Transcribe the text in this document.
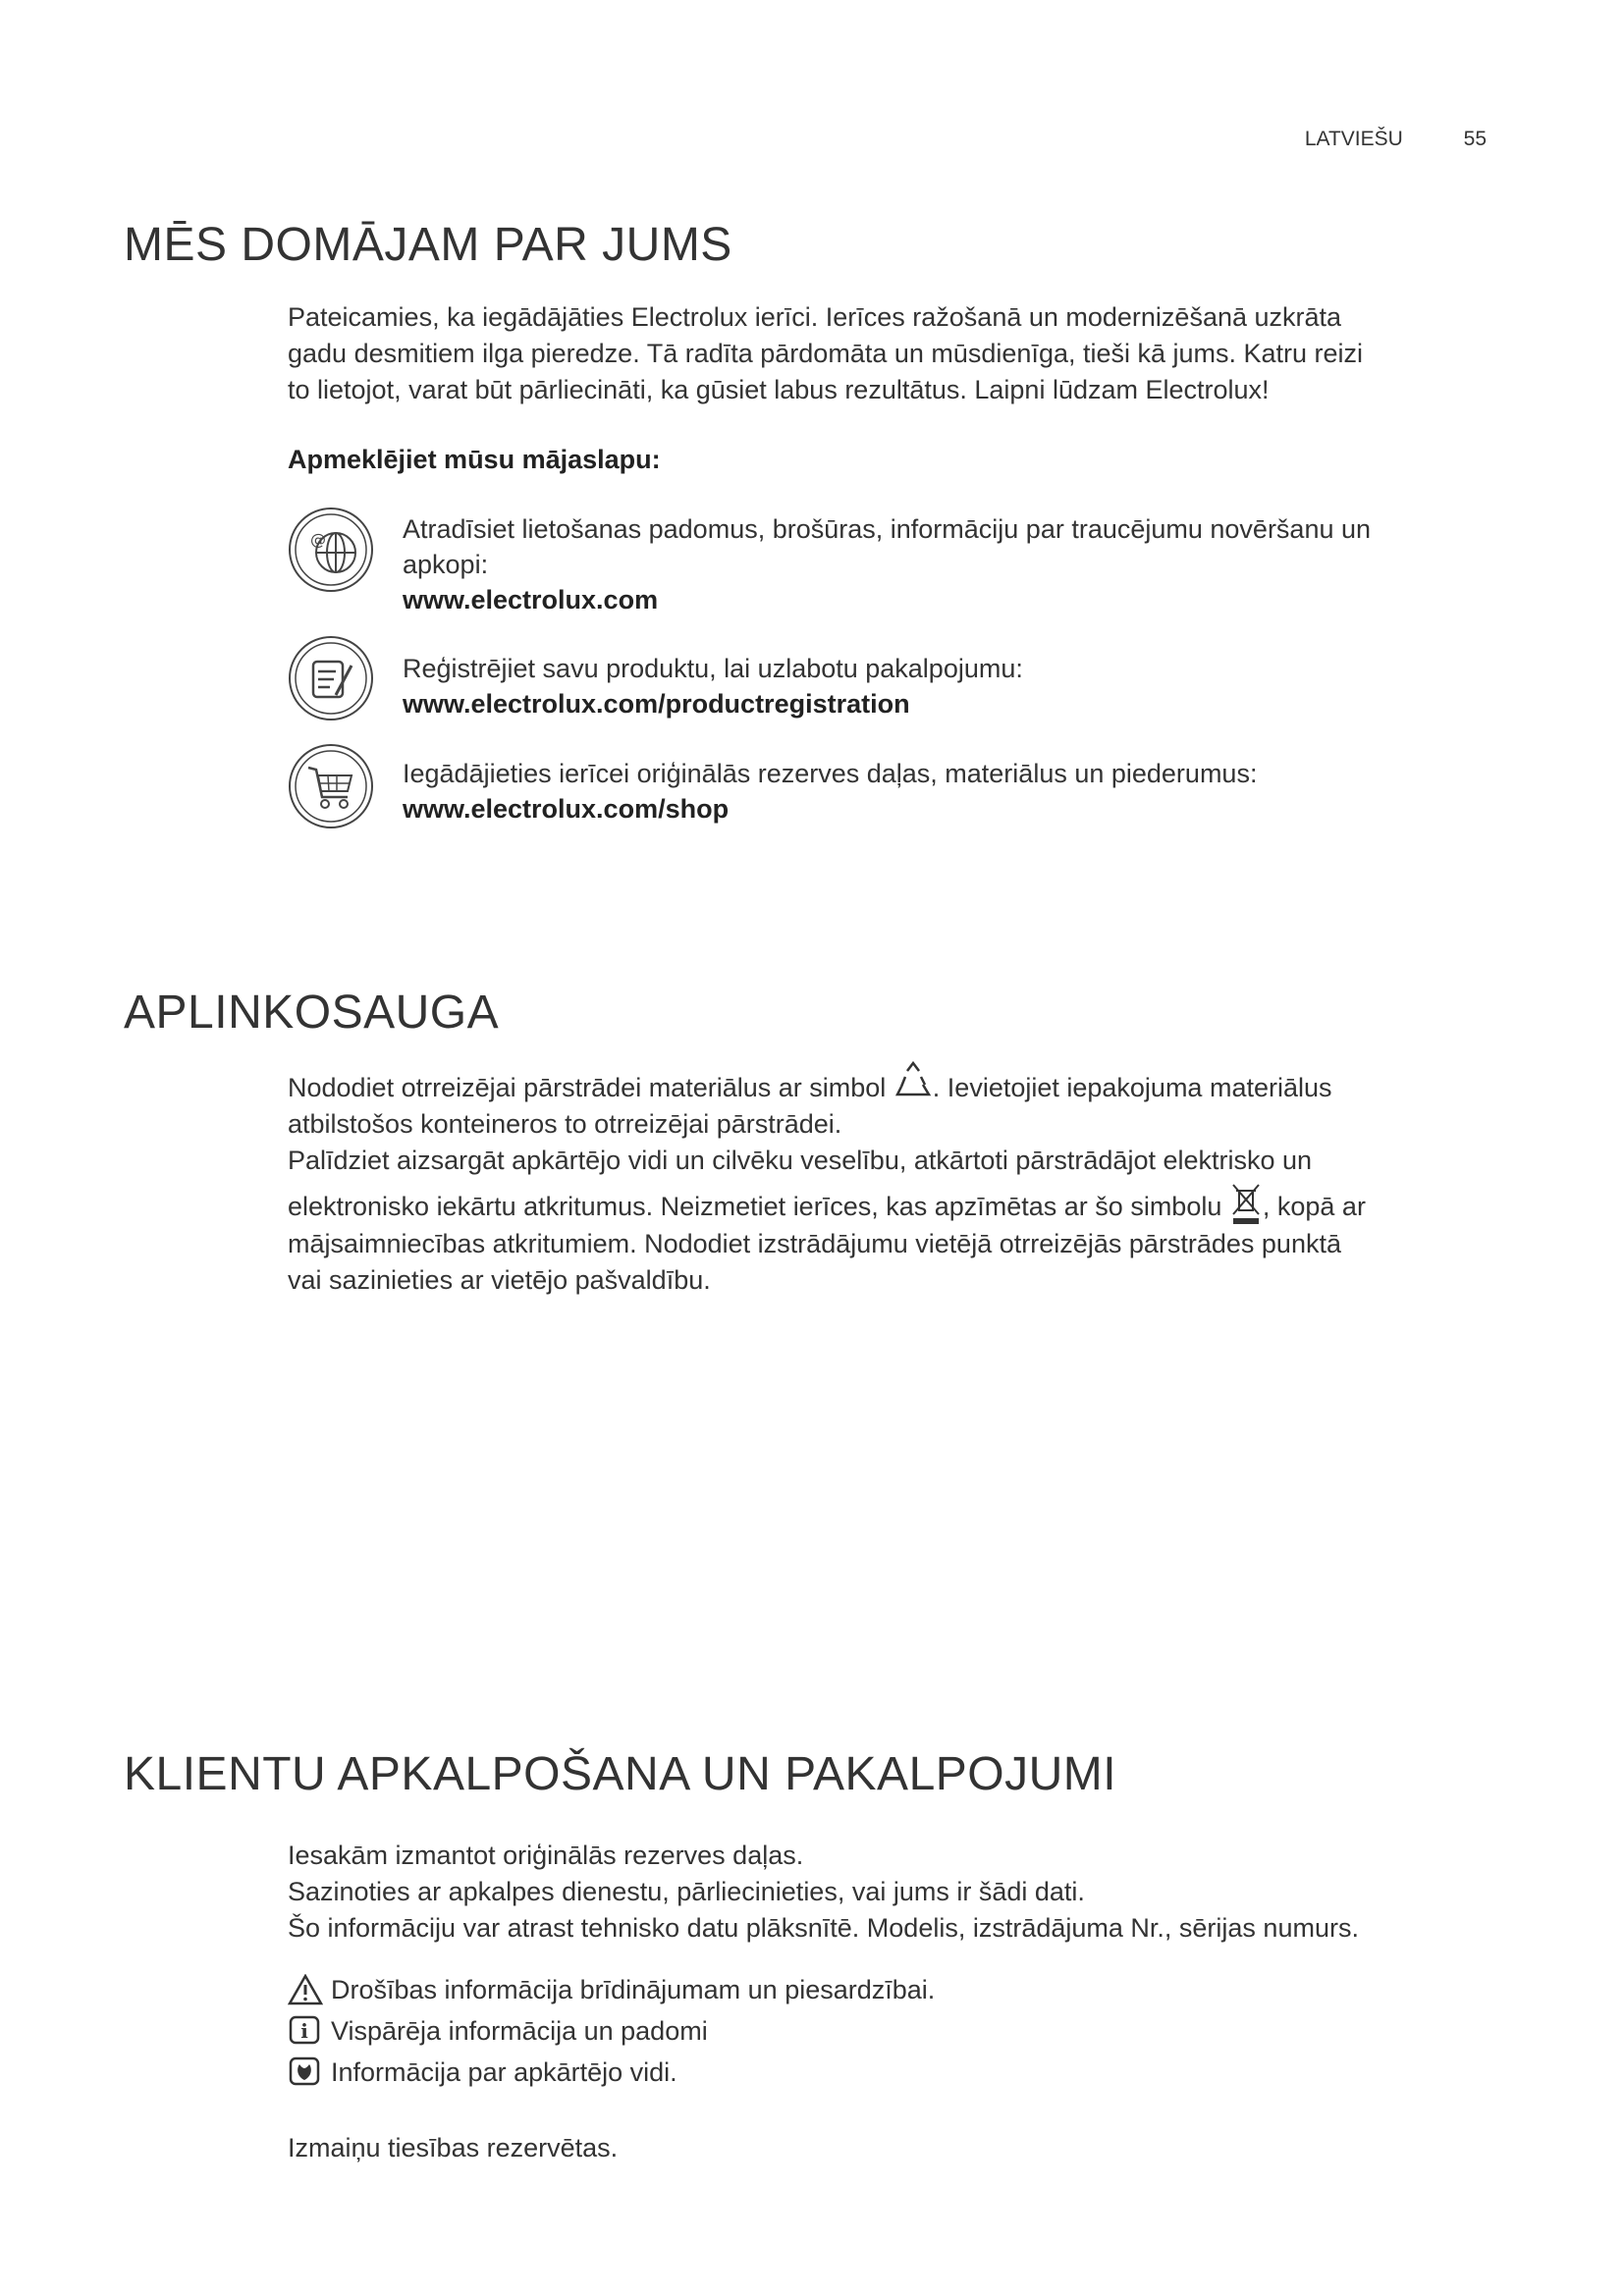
LATVIEŠU	55
MĒS DOMĀJAM PAR JUMS

Pateicamies, ka iegādājāties Electrolux ierīci. Ierīces ražošanā un modernizēšanā uzkrāta
gadu desmitiem ilga pieredze. Tā radīta pārdomāta un mūsdienīga, tieši kā jums. Katru reizi
to lietojot, varat būt pārliecināti, ka gūsiet labus rezultātus. Laipni lūdzam Electrolux!

Apmeklējiet mūsu mājaslapu:

@	Atradīsiet lietošanas padomus, brošūras, informāciju par traucējumu novēršanu un
apkopi:
www.electrolux.com
Reģistrējiet savu produktu, lai uzlabotu pakalpojumu:
www.electrolux.com/productregistration
Iegādājieties ierīcei oriģinālās rezerves daļas, materiālus un piederumus:
www.electrolux.com/shop
APLINKOSAUGA
Nododiet otrreizējai pārstrādei materiālus ar simbol . Ievietojiet iepakojuma materiālus
atbilstošos konteineros to otrreizējai pārstrādei.
Palīdziet aizsargāt apkārtējo vidi un cilvēku veselību, atkārtoti pārstrādājot elektrisko un
elektronisko iekārtu atkritumus. Neizmetiet ierīces, kas apzīmētas ar šo simbolu , kopā ar
mājsaimniecības atkritumiem. Nododiet izstrādājumu vietējā otrreizējās pārstrādes punktā
vai sazinieties ar vietējo pašvaldību.
KLIENTU APKALPOŠANA UN PAKALPOJUMI

Iesakām izmantot oriģinālās rezerves daļas.
Sazinoties ar apkalpes dienestu, pārliecinieties, vai jums ir šādi dati.
Šo informāciju var atrast tehnisko datu plāksnītē. Modelis, izstrādājuma Nr., sērijas numurs.

Drošības informācija brīdinājumam un piesardzībai.
i Vispārēja informācija un padomi
Informācija par apkārtējo vidi.

Izmaiņu tiesības rezervētas.
